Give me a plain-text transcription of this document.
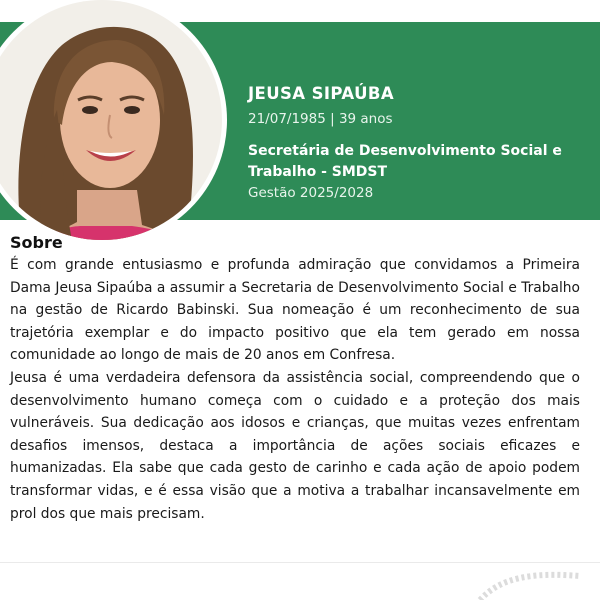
JEUSA SIPAÚBA
21/07/1985 | 39 anos
Secretária de Desenvolvimento Social e Trabalho - SMDST
Gestão 2025/2028
Sobre

É com grande entusiasmo e profunda admiração que convidamos a Primeira Dama Jeusa Sipaúba a assumir a Secretaria de Desenvolvimento Social e Trabalho na gestão de Ricardo Babinski. Sua nomeação é um reconhecimento de sua trajetória exemplar e do impacto positivo que ela tem gerado em nossa comunidade ao longo de mais de 20 anos em Confresa.

Jeusa é uma verdadeira defensora da assistência social, compreendendo que o desenvolvimento humano começa com o cuidado e a proteção dos mais vulneráveis. Sua dedicação aos idosos e crianças, que muitas vezes enfrentam desafios imensos, destaca a importância de ações sociais eficazes e humanizadas. Ela sabe que cada gesto de carinho e cada ação de apoio podem transformar vidas, e é essa visão que a motiva a trabalhar incansavelmente em prol dos que mais precisam.
